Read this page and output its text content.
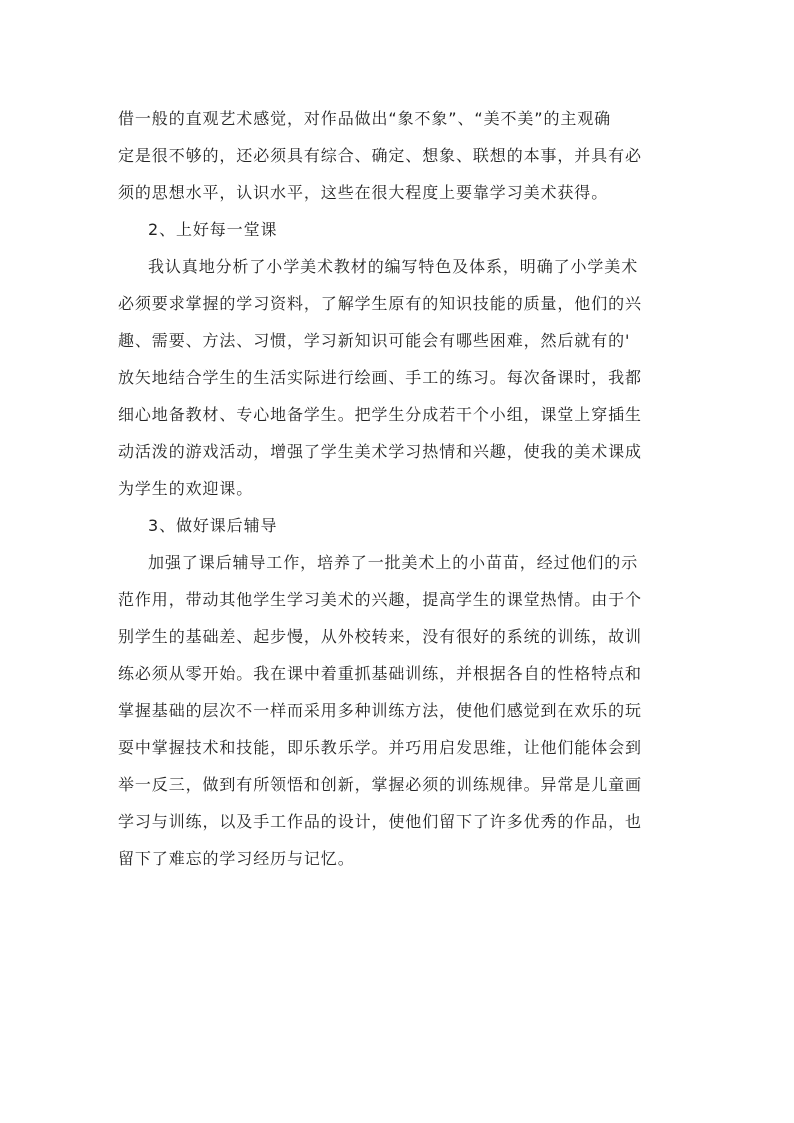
借一般的直观艺术感觉，对作品做出“象不象”、“美不美”的主观确
定是很不够的，还必须具有综合、确定、想象、联想的本事，并具有必
须的思想水平，认识水平，这些在很大程度上要靠学习美术获得。
2、上好每一堂课
我认真地分析了小学美术教材的编写特色及体系，明确了小学美术
必须要求掌握的学习资料，了解学生原有的知识技能的质量，他们的兴
趣、需要、方法、习惯，学习新知识可能会有哪些困难，然后就有的'
放矢地结合学生的生活实际进行绘画、手工的练习。每次备课时，我都
细心地备教材、专心地备学生。把学生分成若干个小组，课堂上穿插生
动活泼的游戏活动，增强了学生美术学习热情和兴趣，使我的美术课成
为学生的欢迎课。
3、做好课后辅导
加强了课后辅导工作，培养了一批美术上的小苗苗，经过他们的示
范作用，带动其他学生学习美术的兴趣，提高学生的课堂热情。由于个
别学生的基础差、起步慢，从外校转来，没有很好的系统的训练，故训
练必须从零开始。我在课中着重抓基础训练，并根据各自的性格特点和
掌握基础的层次不一样而采用多种训练方法，使他们感觉到在欢乐的玩
耍中掌握技术和技能，即乐教乐学。并巧用启发思维，让他们能体会到
举一反三，做到有所领悟和创新，掌握必须的训练规律。异常是儿童画
学习与训练，以及手工作品的设计，使他们留下了许多优秀的作品，也
留下了难忘的学习经历与记忆。
